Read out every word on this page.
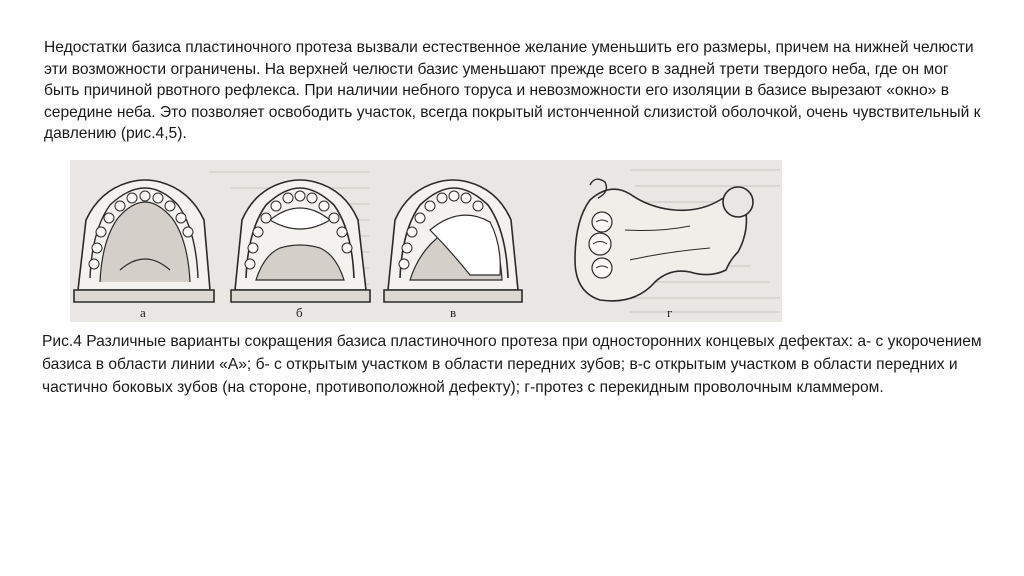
Недостатки базиса пластиночного протеза вызвали естественное желание уменьшить его размеры, причем на нижней челюсти эти возможности ограничены. На верхней челюсти базис уменьшают прежде всего в задней трети твердого неба, где он мог быть причиной рвотного рефлекса. При наличии небного торуса и невозможности его изоляции в базисе вырезают «окно» в середине неба. Это позволяет освободить участок, всегда покрытый истонченной слизистой оболочкой, очень чувствительный к давлению (рис.4,5).

а	б	в	г

Рис.4 Различные варианты сокращения базиса пластиночного протеза при односторонних концевых дефектах: а- с укорочением базиса в области линии «А»; б- с открытым участком в области передних зубов; в-с открытым участком в области передних и частично боковых зубов (на стороне, противоположной дефекту); г-протез с перекидным проволочным кламмером.
